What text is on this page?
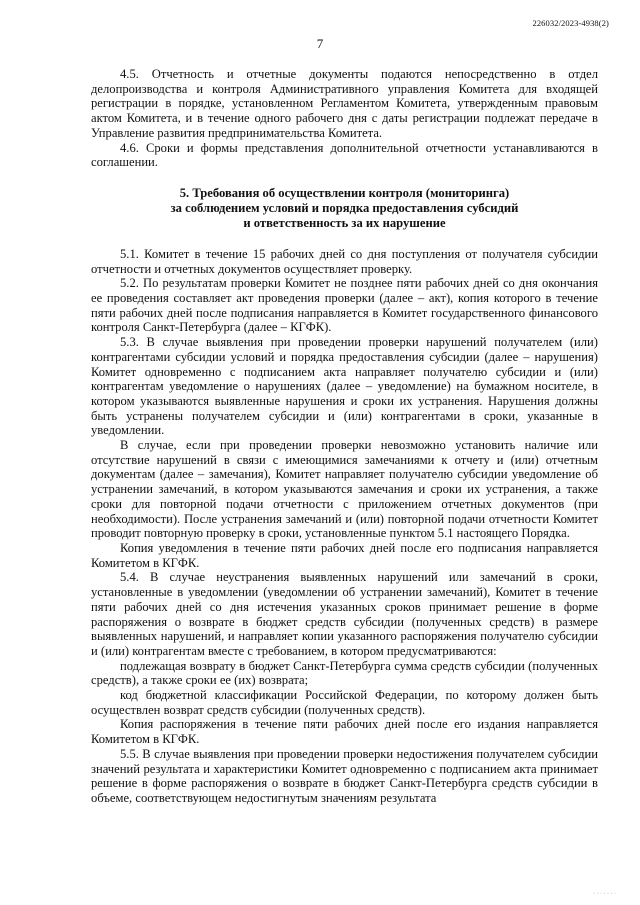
226032/2023-4938(2)
7

4.5. Отчетность и отчетные документы подаются непосредственно в отдел делопроизводства и контроля Административного управления Комитета для входящей регистрации в порядке, установленном Регламентом Комитета, утвержденным правовым актом Комитета, и в течение одного рабочего дня с даты регистрации подлежат передаче в Управление развития предпринимательства Комитета.

4.6. Сроки и формы представления дополнительной отчетности устанавливаются в соглашении.

5. Требования об осуществлении контроля (мониторинга)
за соблюдением условий и порядка предоставления субсидий
и ответственность за их нарушение

5.1. Комитет в течение 15 рабочих дней со дня поступления от получателя субсидии отчетности и отчетных документов осуществляет проверку.

5.2. По результатам проверки Комитет не позднее пяти рабочих дней со дня окончания ее проведения составляет акт проведения проверки (далее – акт), копия которого в течение пяти рабочих дней после подписания направляется в Комитет государственного финансового контроля Санкт-Петербурга (далее – КГФК).

5.3. В случае выявления при проведении проверки нарушений получателем (или) контрагентами субсидии условий и порядка предоставления субсидии (далее – нарушения) Комитет одновременно с подписанием акта направляет получателю субсидии и (или) контрагентам уведомление о нарушениях (далее – уведомление) на бумажном носителе, в котором указываются выявленные нарушения и сроки их устранения. Нарушения должны быть устранены получателем субсидии и (или) контрагентами в сроки, указанные в уведомлении.

В случае, если при проведении проверки невозможно установить наличие или отсутствие нарушений в связи с имеющимися замечаниями к отчету и (или) отчетным документам (далее – замечания), Комитет направляет получателю субсидии уведомление об устранении замечаний, в котором указываются замечания и сроки их устранения, а также сроки для повторной подачи отчетности с приложением отчетных документов (при необходимости). После устранения замечаний и (или) повторной подачи отчетности Комитет проводит повторную проверку в сроки, установленные пунктом 5.1 настоящего Порядка.

Копия уведомления в течение пяти рабочих дней после его подписания направляется Комитетом в КГФК.

5.4. В случае неустранения выявленных нарушений или замечаний в сроки, установленные в уведомлении (уведомлении об устранении замечаний), Комитет в течение пяти рабочих дней со дня истечения указанных сроков принимает решение в форме распоряжения о возврате в бюджет средств субсидии (полученных средств) в размере выявленных нарушений, и направляет копии указанного распоряжения получателю субсидии и (или) контрагентам вместе с требованием, в котором предусматриваются:

подлежащая возврату в бюджет Санкт-Петербурга сумма средств субсидии (полученных средств), а также сроки ее (их) возврата;

код бюджетной классификации Российской Федерации, по которому должен быть осуществлен возврат средств субсидии (полученных средств).

Копия распоряжения в течение пяти рабочих дней после его издания направляется Комитетом в КГФК.

5.5. В случае выявления при проведении проверки недостижения получателем субсидии значений результата и характеристики Комитет одновременно с подписанием акта принимает решение в форме распоряжения о возврате в бюджет Санкт-Петербурга средств субсидии в объеме, соответствующем недостигнутым значениям результата

· · · · · · ·
